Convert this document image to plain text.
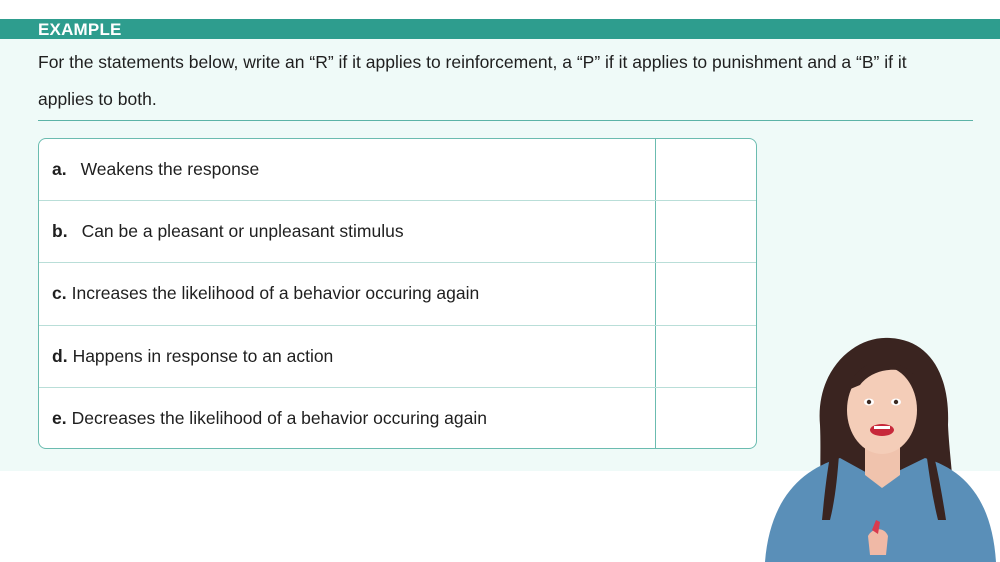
EXAMPLE
For the statements below, write an “R” if it applies to reinforcement, a “P” if it applies to punishment and a “B” if it
applies to both.
a. Weakens the response
b. Can be a pleasant or unpleasant stimulus
c. Increases the likelihood of a behavior occuring again
d. Happens in response to an action
e. Decreases the likelihood of a behavior occuring again
